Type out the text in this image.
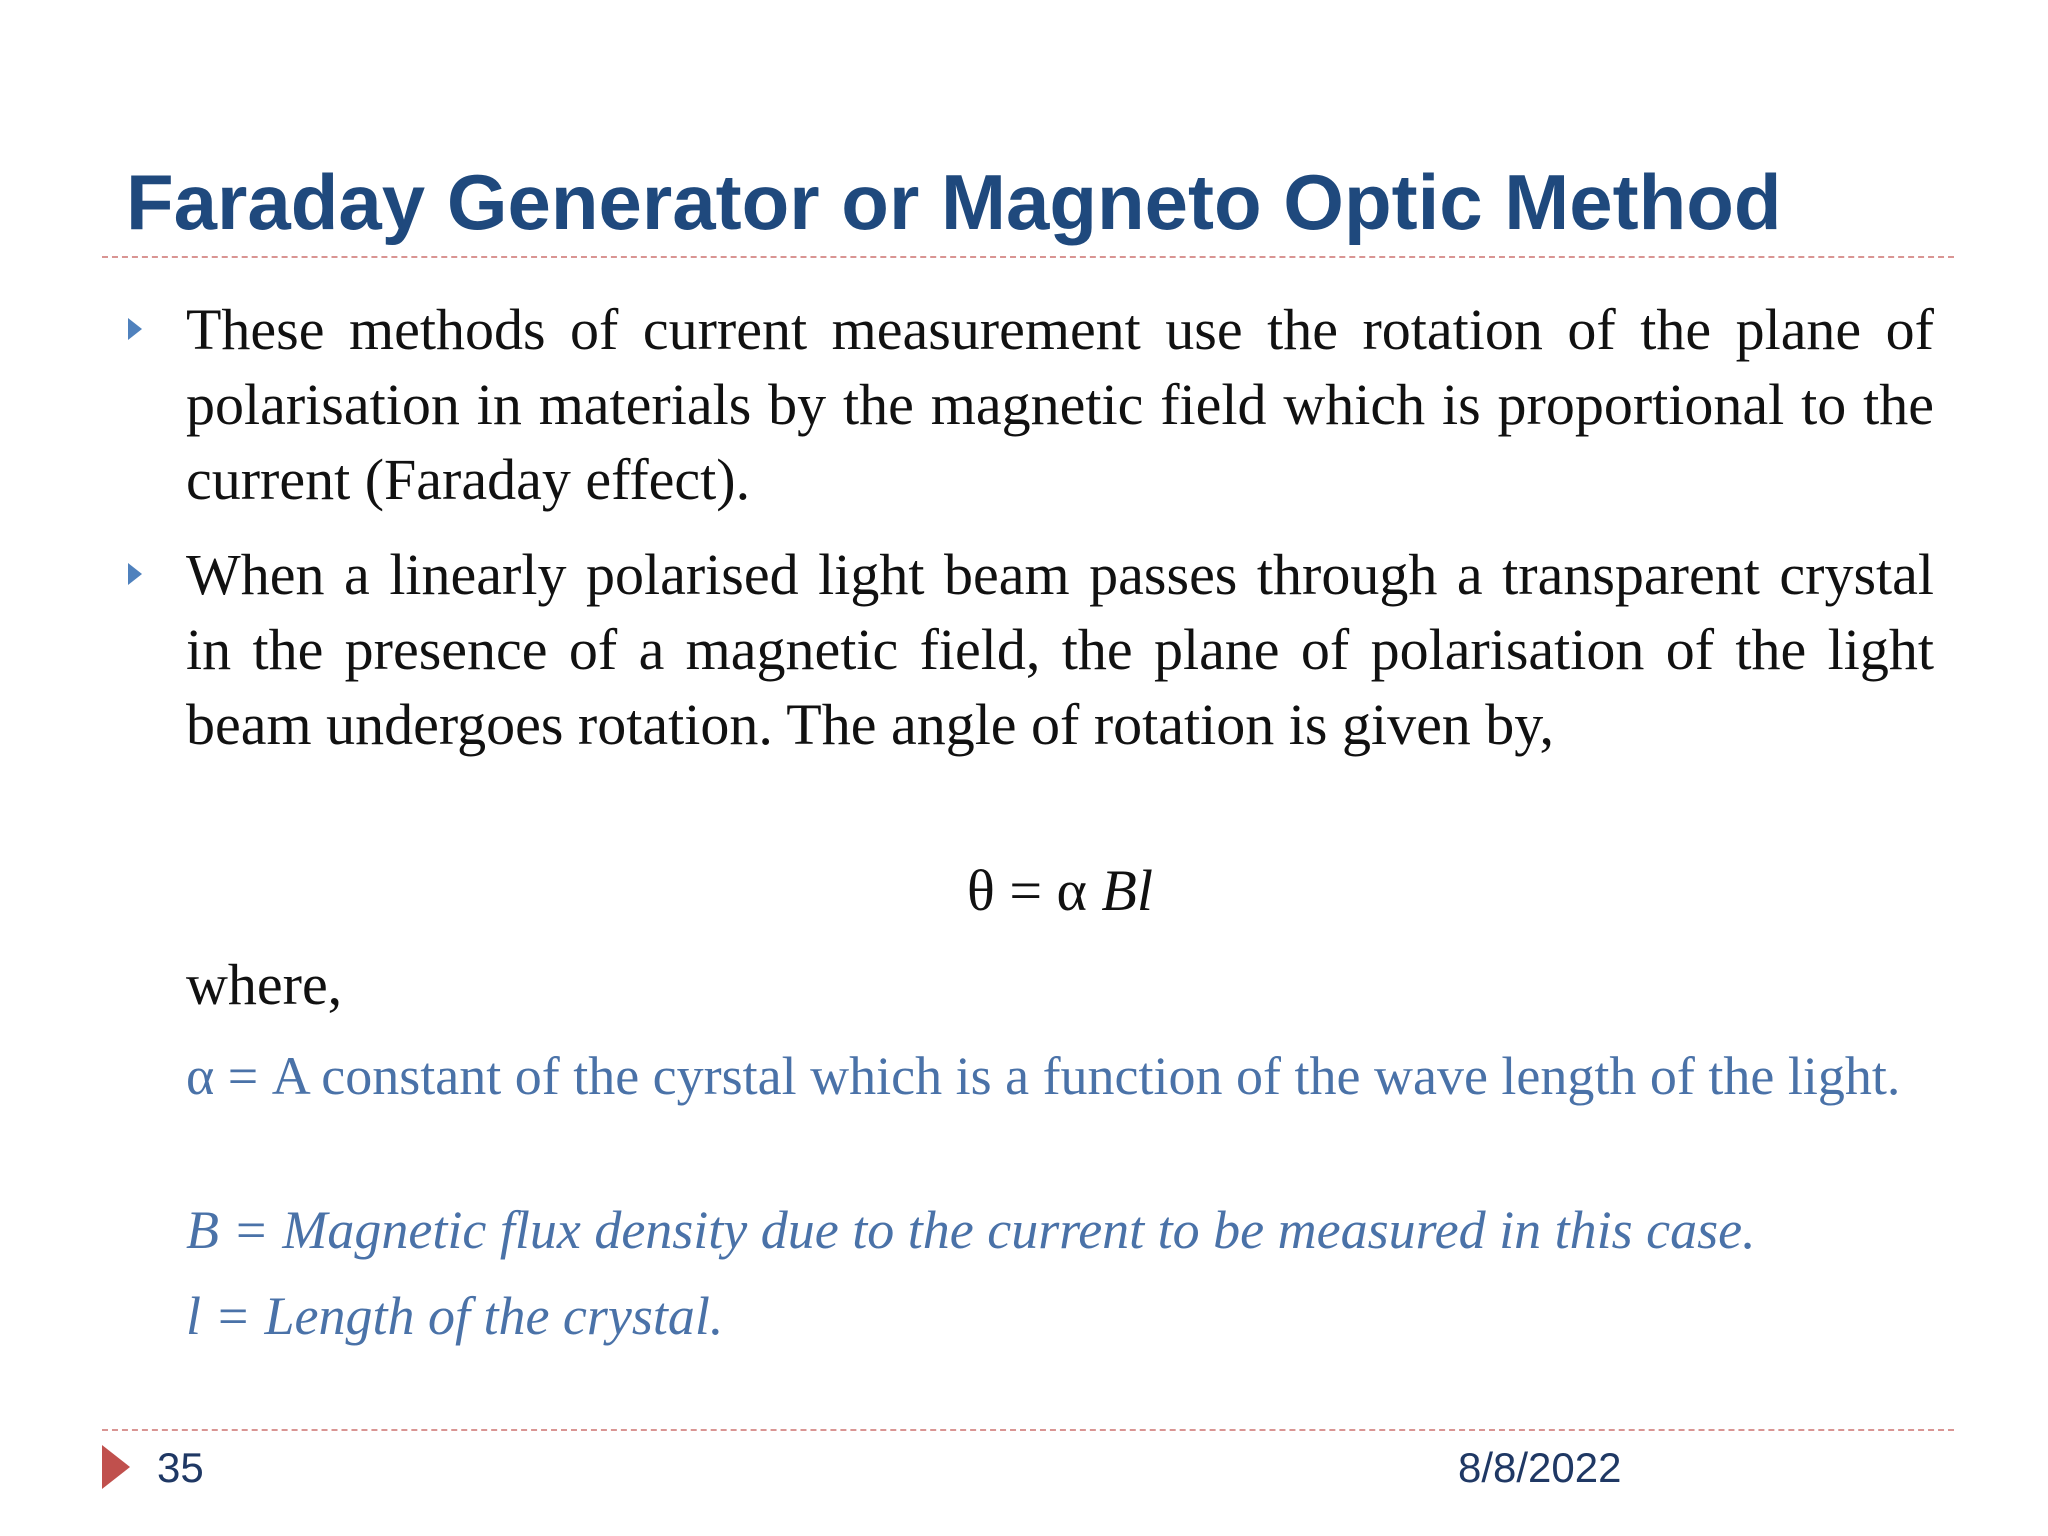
Faraday Generator or Magneto Optic Method

These methods of current measurement use the rotation of the plane of polarisation in materials by the magnetic field which is proportional to the current (Faraday effect).

When a linearly polarised light beam passes through a transparent crystal in the presence of a magnetic field, the plane of polarisation of the light beam undergoes rotation. The angle of rotation is given by,

θ = α Bl
where,

α = A constant of the cyrstal which is a function of the wave length of the light.

B = Magnetic flux density due to the current to be measured in this case.

l = Length of the crystal.

35	8/8/2022
